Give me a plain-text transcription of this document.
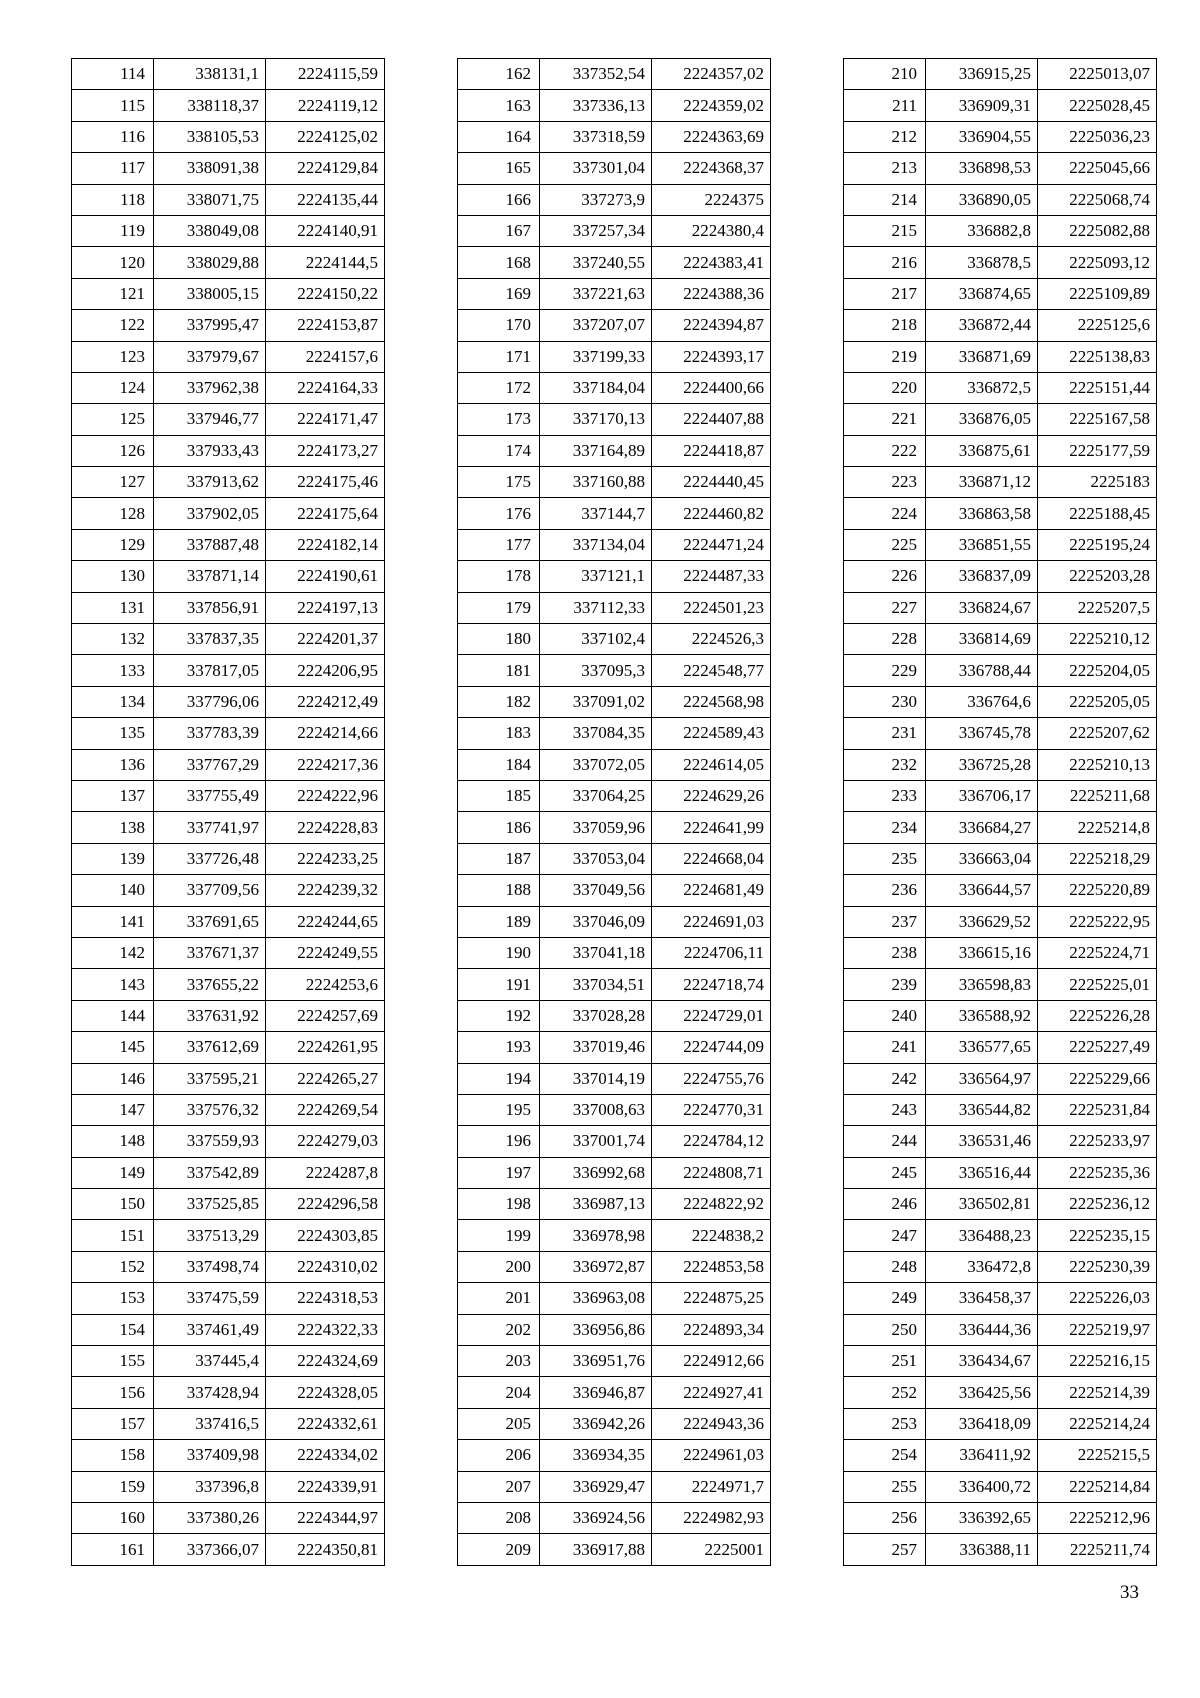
114	338131,1	2224115,59
115	338118,37	2224119,12
116	338105,53	2224125,02
117	338091,38	2224129,84
118	338071,75	2224135,44
119	338049,08	2224140,91
120	338029,88	2224144,5
121	338005,15	2224150,22
122	337995,47	2224153,87
123	337979,67	2224157,6
124	337962,38	2224164,33
125	337946,77	2224171,47
126	337933,43	2224173,27
127	337913,62	2224175,46
128	337902,05	2224175,64
129	337887,48	2224182,14
130	337871,14	2224190,61
131	337856,91	2224197,13
132	337837,35	2224201,37
133	337817,05	2224206,95
134	337796,06	2224212,49
135	337783,39	2224214,66
136	337767,29	2224217,36
137	337755,49	2224222,96
138	337741,97	2224228,83
139	337726,48	2224233,25
140	337709,56	2224239,32
141	337691,65	2224244,65
142	337671,37	2224249,55
143	337655,22	2224253,6
144	337631,92	2224257,69
145	337612,69	2224261,95
146	337595,21	2224265,27
147	337576,32	2224269,54
148	337559,93	2224279,03
149	337542,89	2224287,8
150	337525,85	2224296,58
151	337513,29	2224303,85
152	337498,74	2224310,02
153	337475,59	2224318,53
154	337461,49	2224322,33
155	337445,4	2224324,69
156	337428,94	2224328,05
157	337416,5	2224332,61
158	337409,98	2224334,02
159	337396,8	2224339,91
160	337380,26	2224344,97
161	337366,07	2224350,81
162	337352,54	2224357,02
163	337336,13	2224359,02
164	337318,59	2224363,69
165	337301,04	2224368,37
166	337273,9	2224375
167	337257,34	2224380,4
168	337240,55	2224383,41
169	337221,63	2224388,36
170	337207,07	2224394,87
171	337199,33	2224393,17
172	337184,04	2224400,66
173	337170,13	2224407,88
174	337164,89	2224418,87
175	337160,88	2224440,45
176	337144,7	2224460,82
177	337134,04	2224471,24
178	337121,1	2224487,33
179	337112,33	2224501,23
180	337102,4	2224526,3
181	337095,3	2224548,77
182	337091,02	2224568,98
183	337084,35	2224589,43
184	337072,05	2224614,05
185	337064,25	2224629,26
186	337059,96	2224641,99
187	337053,04	2224668,04
188	337049,56	2224681,49
189	337046,09	2224691,03
190	337041,18	2224706,11
191	337034,51	2224718,74
192	337028,28	2224729,01
193	337019,46	2224744,09
194	337014,19	2224755,76
195	337008,63	2224770,31
196	337001,74	2224784,12
197	336992,68	2224808,71
198	336987,13	2224822,92
199	336978,98	2224838,2
200	336972,87	2224853,58
201	336963,08	2224875,25
202	336956,86	2224893,34
203	336951,76	2224912,66
204	336946,87	2224927,41
205	336942,26	2224943,36
206	336934,35	2224961,03
207	336929,47	2224971,7
208	336924,56	2224982,93
209	336917,88	2225001
210	336915,25	2225013,07
211	336909,31	2225028,45
212	336904,55	2225036,23
213	336898,53	2225045,66
214	336890,05	2225068,74
215	336882,8	2225082,88
216	336878,5	2225093,12
217	336874,65	2225109,89
218	336872,44	2225125,6
219	336871,69	2225138,83
220	336872,5	2225151,44
221	336876,05	2225167,58
222	336875,61	2225177,59
223	336871,12	2225183
224	336863,58	2225188,45
225	336851,55	2225195,24
226	336837,09	2225203,28
227	336824,67	2225207,5
228	336814,69	2225210,12
229	336788,44	2225204,05
230	336764,6	2225205,05
231	336745,78	2225207,62
232	336725,28	2225210,13
233	336706,17	2225211,68
234	336684,27	2225214,8
235	336663,04	2225218,29
236	336644,57	2225220,89
237	336629,52	2225222,95
238	336615,16	2225224,71
239	336598,83	2225225,01
240	336588,92	2225226,28
241	336577,65	2225227,49
242	336564,97	2225229,66
243	336544,82	2225231,84
244	336531,46	2225233,97
245	336516,44	2225235,36
246	336502,81	2225236,12
247	336488,23	2225235,15
248	336472,8	2225230,39
249	336458,37	2225226,03
250	336444,36	2225219,97
251	336434,67	2225216,15
252	336425,56	2225214,39
253	336418,09	2225214,24
254	336411,92	2225215,5
255	336400,72	2225214,84
256	336392,65	2225212,96
257	336388,11	2225211,74
33
